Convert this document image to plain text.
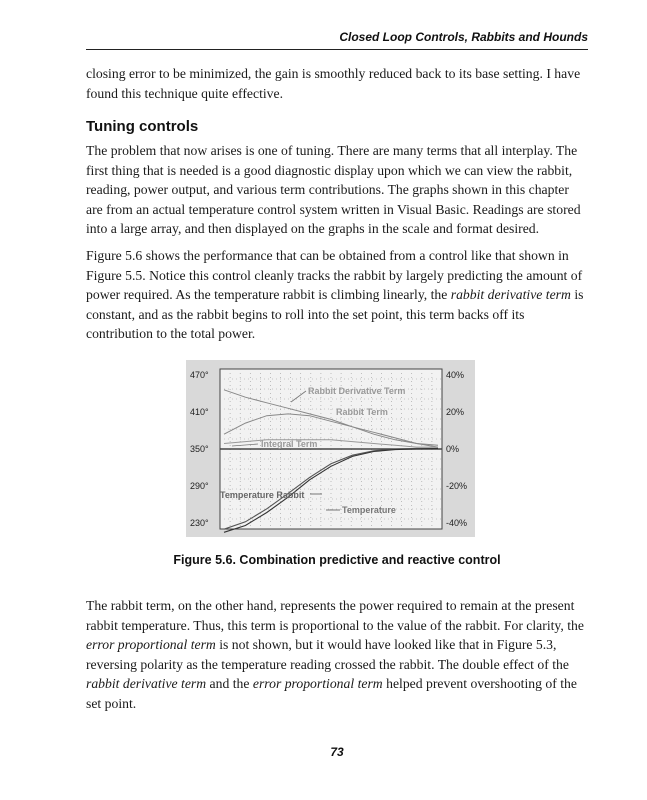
Closed Loop Controls, Rabbits and Hounds

closing error to be minimized, the gain is smoothly reduced back to its base setting. I have found this technique quite effective.

Tuning controls

The problem that now arises is one of tuning. There are many terms that all interplay. The first thing that is needed is a good diagnostic display upon which we can view the rabbit, reading, power output, and various term contributions. The graphs shown in this chapter are from an actual temperature control system written in Visual Basic. Readings are stored into a large array, and then displayed on the graphs in the scale and format desired.

Figure 5.6 shows the performance that can be obtained from a control like that shown in Figure 5.5. Notice this control cleanly tracks the rabbit by largely predicting the amount of power required. As the temperature rabbit is climbing linearly, the rabbit derivative term is constant, and as the rabbit begins to roll into the set point, this term backs off its contribution to the total power.

470°
410°
350°
290°
230°
40%
20%
0%
-20%
-40%
Rabbit Derivative Term
Rabbit Term
Integral Term
Temperature Rabbit
Temperature
Figure 5.6. Combination predictive and reactive control

The rabbit term, on the other hand, represents the power required to remain at the present rabbit temperature. Thus, this term is proportional to the value of the rabbit. For clarity, the error proportional term is not shown, but it would have looked like that in Figure 5.3, reversing polarity as the temperature reading crossed the rabbit. The double effect of the rabbit derivative term and the error proportional term helped prevent overshooting of the set point.

73
